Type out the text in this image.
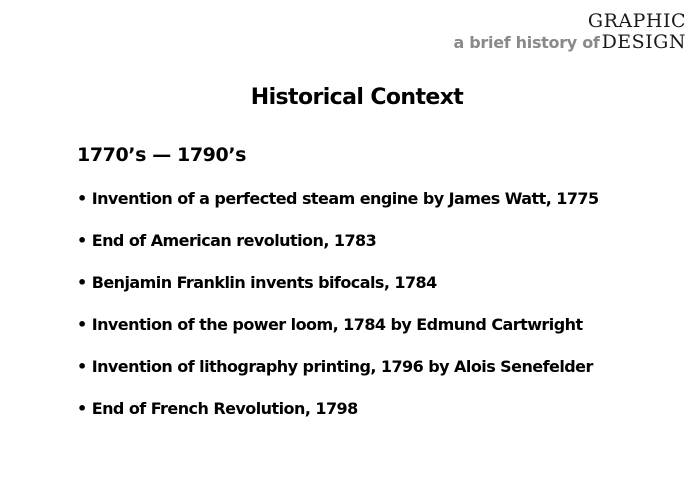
GRAPHIC
a brief history of DESIGN
Historical Context
1770’s — 1790’s
• Invention of a perfected steam engine by James Watt, 1775
• End of American revolution, 1783
• Benjamin Franklin invents bifocals, 1784
• Invention of the power loom, 1784 by Edmund Cartwright
• Invention of lithography printing, 1796 by Alois Senefelder
• End of French Revolution, 1798
